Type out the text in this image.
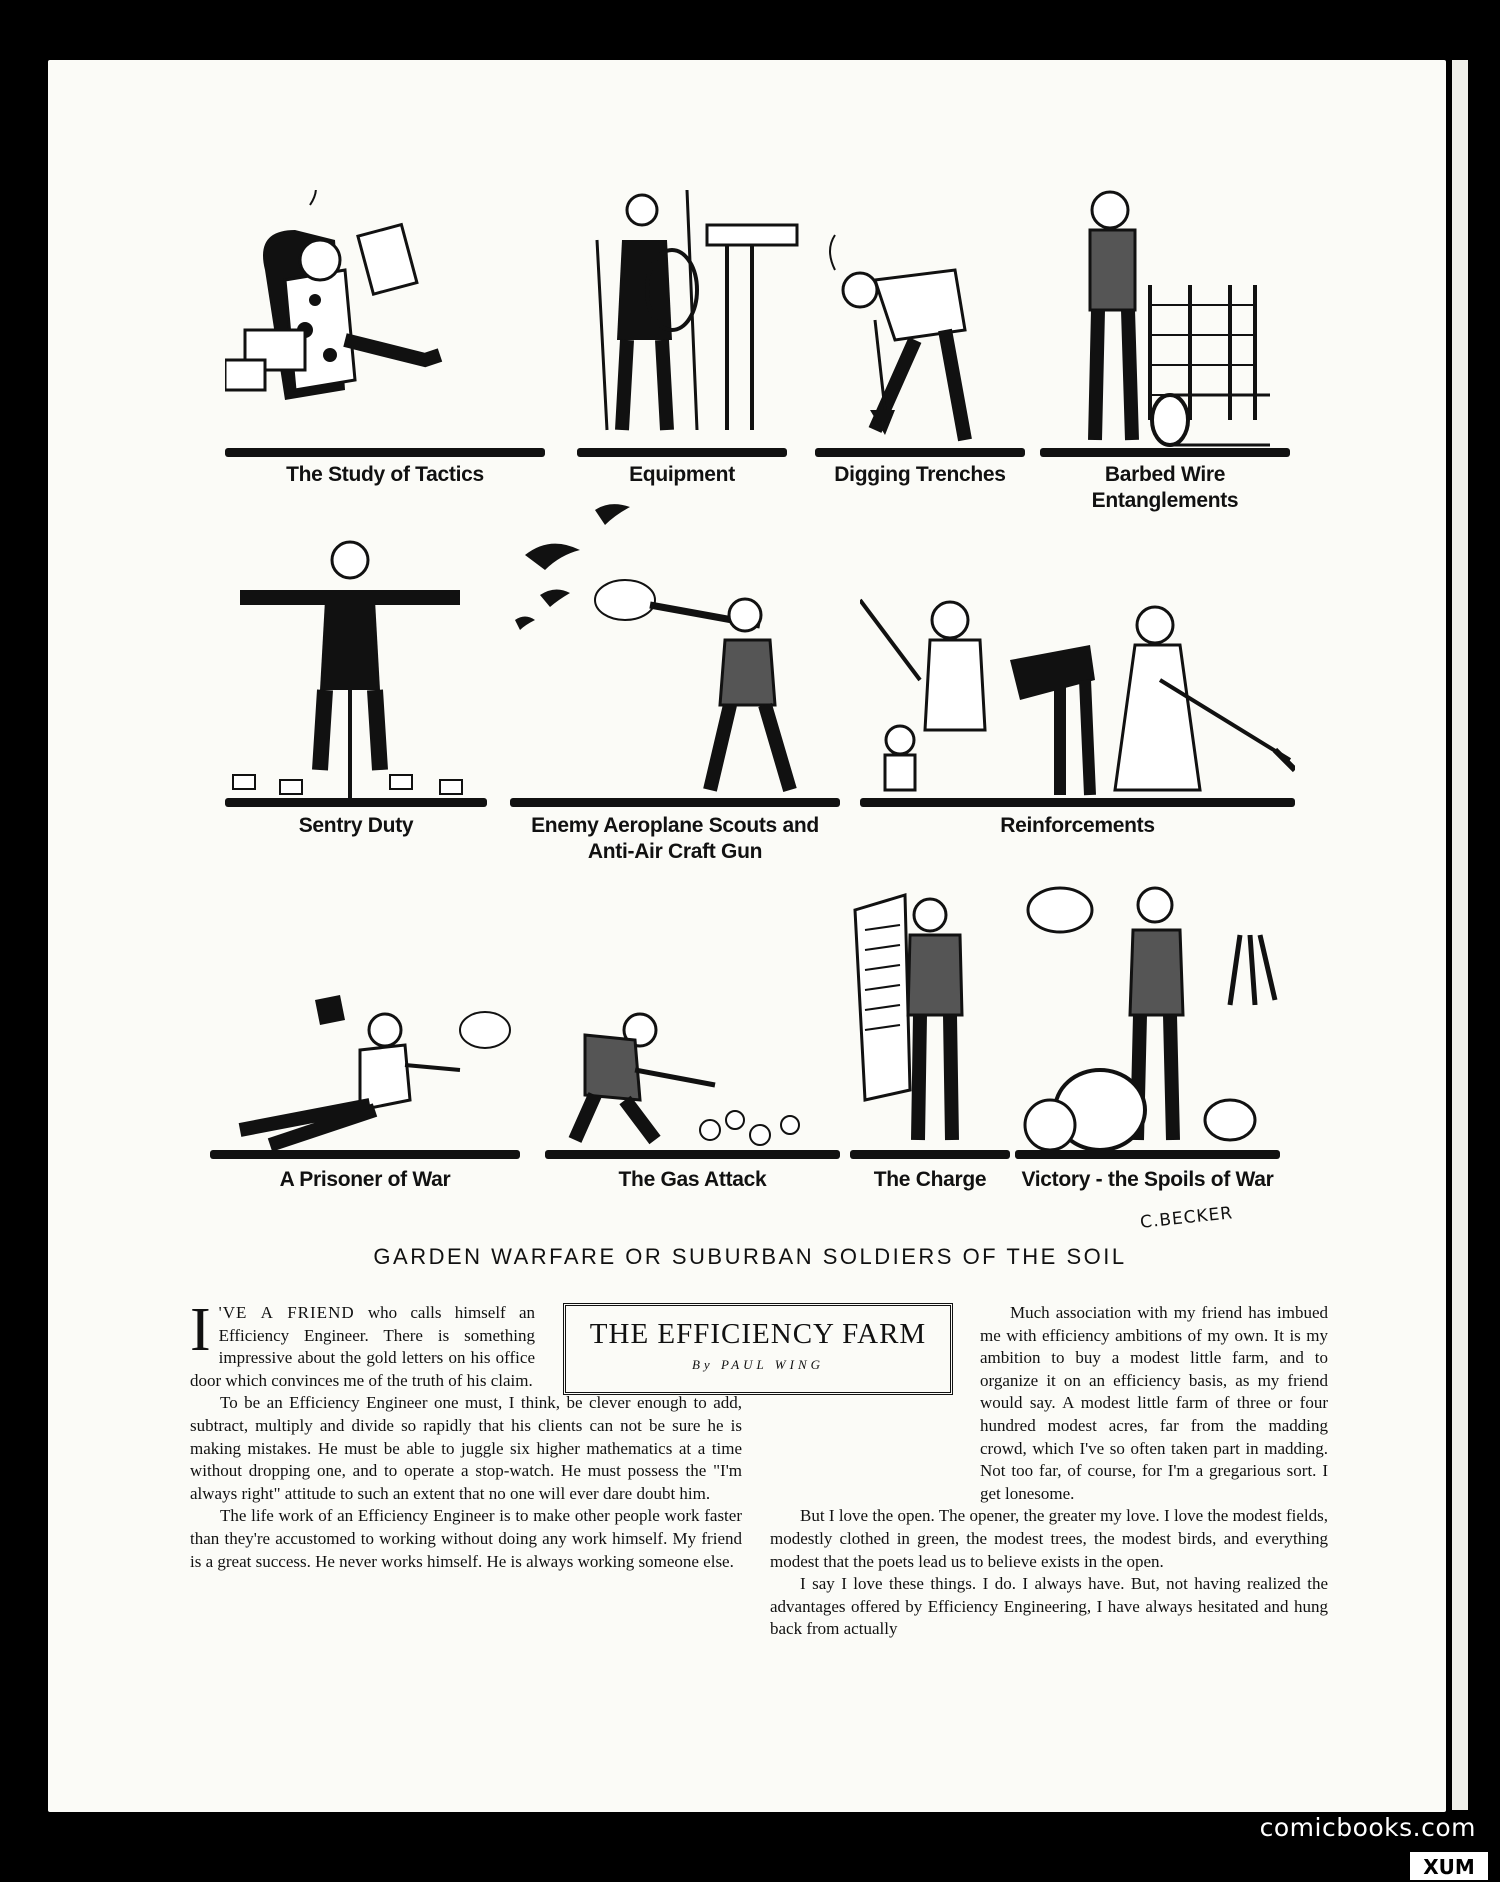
The Study of Tactics	Equipment	Digging Trenches	Barbed Wire Entanglements
Sentry Duty	Enemy Aeroplane Scouts and Anti-Air Craft Gun
Reinforcements
A Prisoner of War	The Gas Attack	The Charge	Victory - the Spoils of War
C.BECKER
GARDEN WARFARE OR SUBURBAN SOLDIERS OF THE SOIL
THE EFFICIENCY FARM
By PAUL WING
I 'VE A FRIEND who calls himself an Efficiency Engineer. There is something impressive about the gold letters on his office door which convinces me of the truth of his claim.

To be an Efficiency Engineer one must, I think, be clever enough to add, subtract, multiply and divide so rapidly that his clients can not be sure he is making mistakes. He must be able to juggle six higher mathematics at a time without dropping one, and to operate a stop-watch. He must possess the "I'm always right" attitude to such an extent that no one will ever dare doubt him.

The life work of an Efficiency Engineer is to make other people work faster than they're accustomed to working without doing any work himself. My friend is a great success. He never works himself. He is always working someone else.

Much association with my friend has imbued me with efficiency ambitions of my own. It is my ambition to buy a modest little farm, and to organize it on an efficiency basis, as my friend would say. A modest little farm of three or four hundred modest acres, far from the madding crowd, which I've so often taken part in madding. Not too far, of course, for I'm a gregarious sort. I get lonesome.

But I love the open. The opener, the greater my love. I love the modest fields, modestly clothed in green, the modest trees, the modest birds, and everything modest that the poets lead us to believe exists in the open.

I say I love these things. I do. I always have. But, not having realized the advantages offered by Efficiency Engineering, I have always hesitated and hung back from actually

comicbooks.com
XUM
